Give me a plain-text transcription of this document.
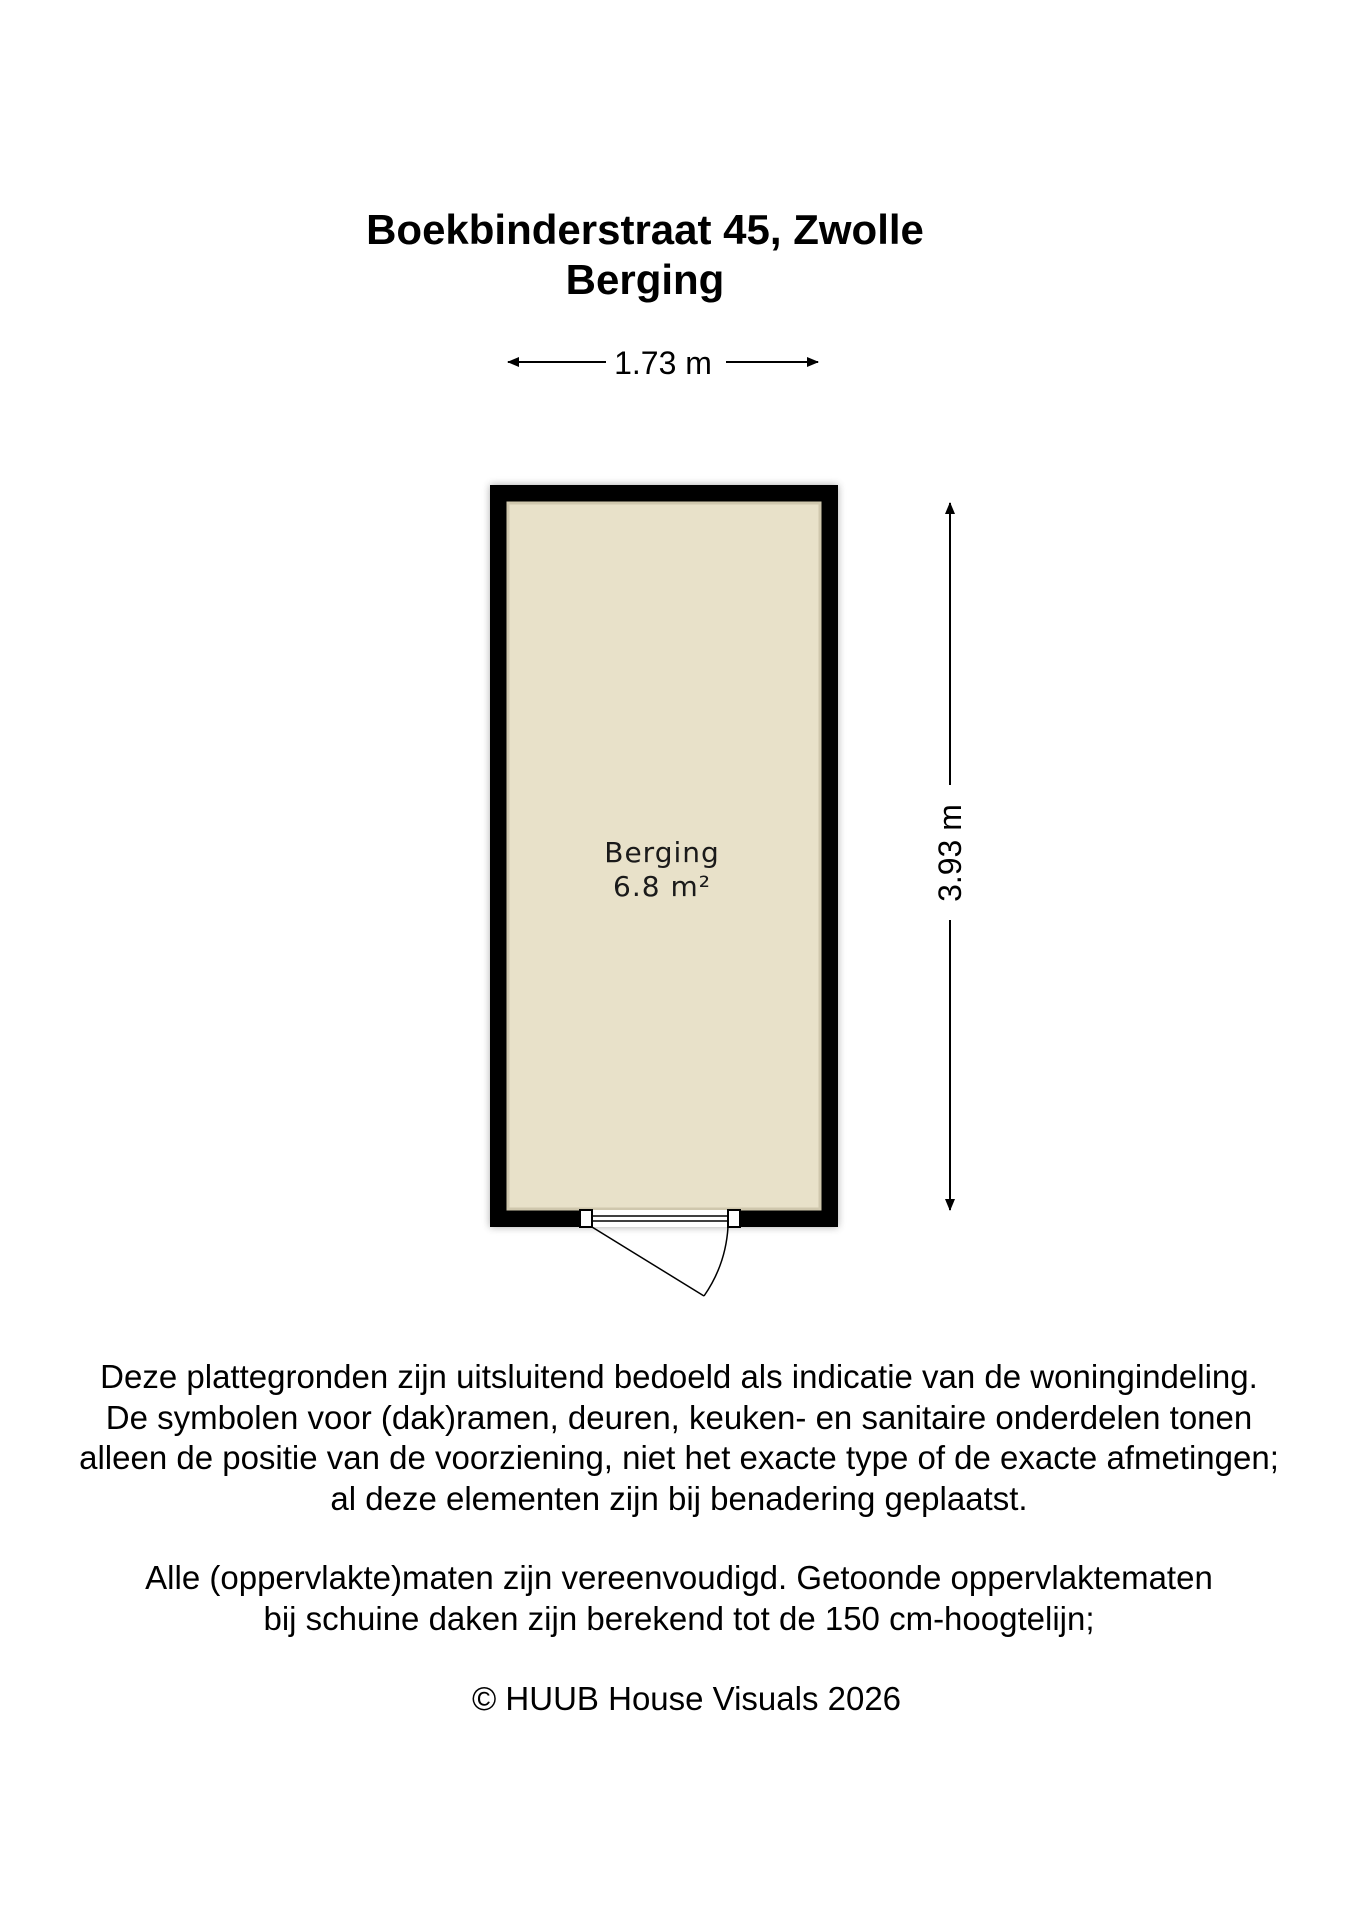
Boekbinderstraat 45, Zwolle
Berging
1.73 m
3.93 m
Berging
6.8 m²
Deze plattegronden zijn uitsluitend bedoeld als indicatie van de woningindeling.
De symbolen voor (dak)ramen, deuren, keuken- en sanitaire onderdelen tonen
alleen de positie van de voorziening, niet het exacte type of de exacte afmetingen;
al deze elementen zijn bij benadering geplaatst.
Alle (oppervlakte)maten zijn vereenvoudigd. Getoonde oppervlaktematen
bij schuine daken zijn berekend tot de 150 cm-hoogtelijn;
© HUUB House Visuals 2026
